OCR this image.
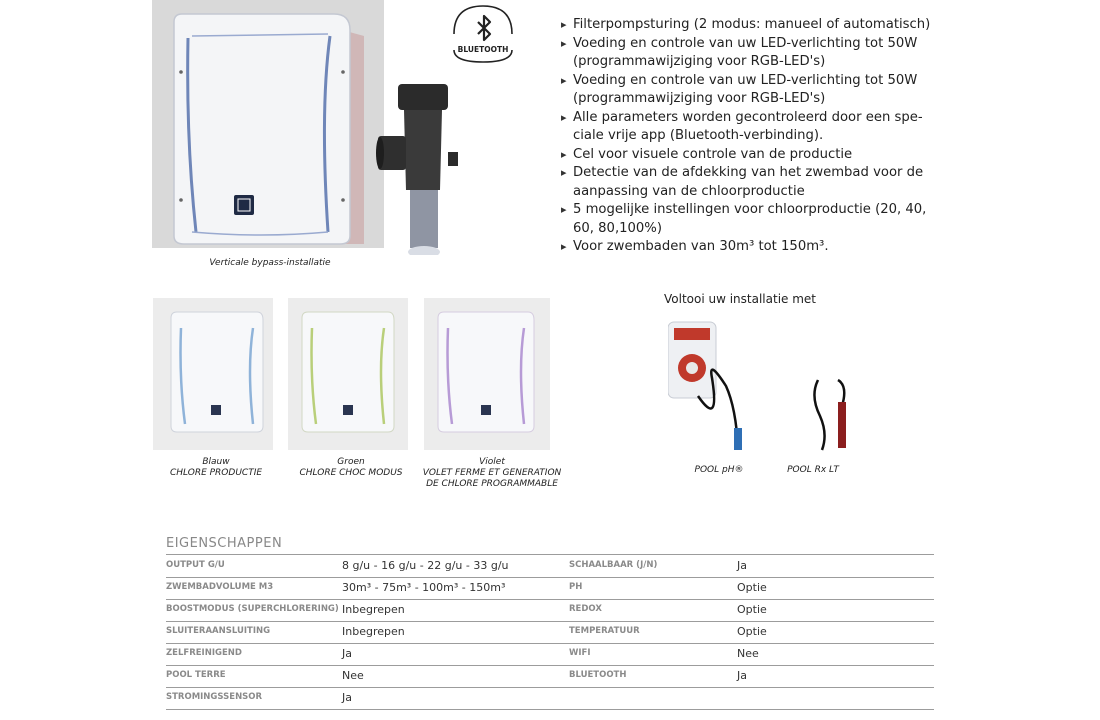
Verticale bypass-installatie
BLUETOOTH
▸ Filterpompsturing (2 modus: manueel of automatisch)
▸ Voeding en controle van uw LED-verlichting tot 50W (programmawijziging voor RGB-LED's)
▸ Voeding en controle van uw LED-verlichting tot 50W (programmawijziging voor RGB-LED's)
▸ Alle parameters worden gecontroleerd door een spe-ciale vrije app (Bluetooth-verbinding).
▸ Cel voor visuele controle van de productie
▸ Detectie van de afdekking van het zwembad voor de aanpassing van de chloorproductie
▸ 5 mogelijke instellingen voor chloorproductie (20, 40, 60, 80,100%)
▸ Voor zwembaden van 30m³ tot 150m³.
Blauw
CHLORE PRODUCTIE
Groen
CHLORE CHOC MODUS
Violet
VOLET FERME ET GENERATION DE CHLORE PROGRAMMABLE
Voltooi uw installatie met
POOL pH®	POOL Rx LT
EIGENSCHAPPEN
OUTPUT G/U	8 g/u - 16 g/u - 22 g/u - 33 g/u	SCHAALBAAR (J/N)	Ja
ZWEMBADVOLUME M3	30m³ - 75m³ - 100m³ - 150m³	PH	Optie
BOOSTMODUS (SUPERCHLORERING) Inbegrepen	REDOX	Optie
SLUITERAANSLUITING	Inbegrepen	TEMPERATUUR	Optie
ZELFREINIGEND	Ja	WIFI	Nee
POOL TERRE	Nee	BLUETOOTH	Ja
STROMINGSSENSOR	Ja
